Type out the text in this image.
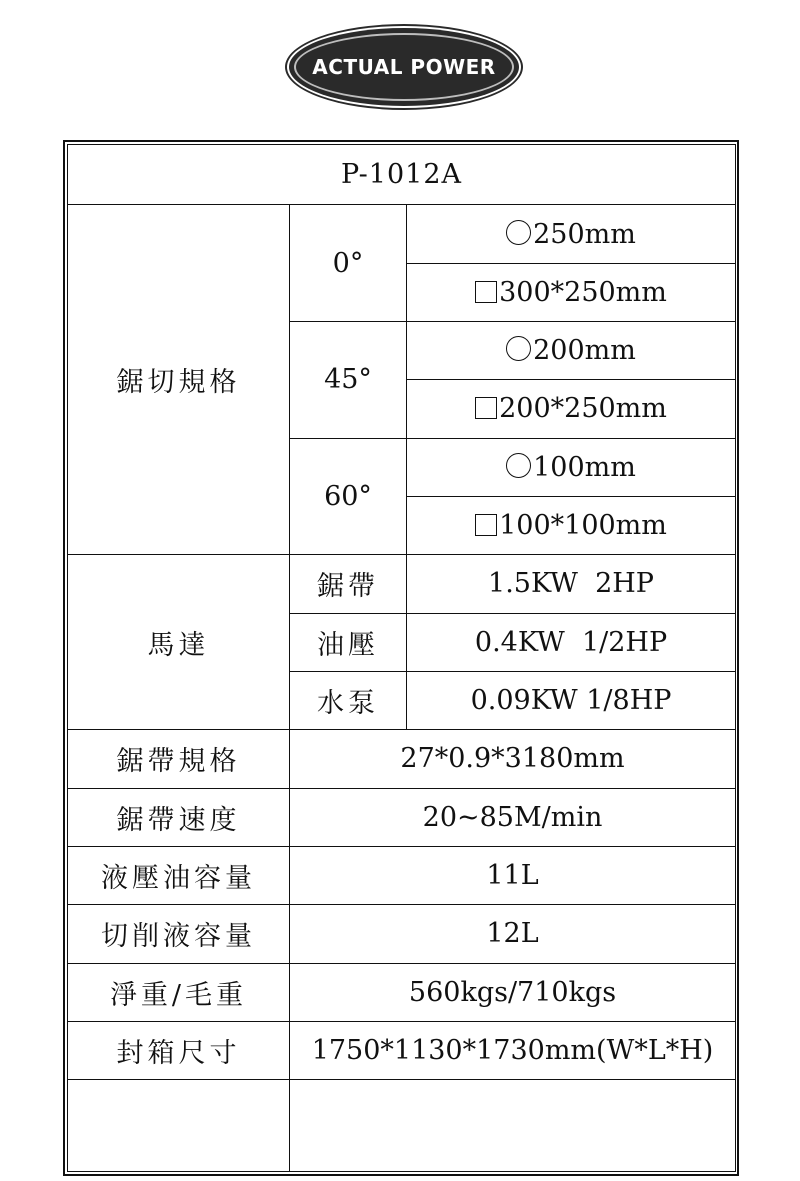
ACTUAL POWER
P-1012A		
鋸切規格	0°	250mm
		300*250mm
	45°	200mm
		200*250mm
	60°	100mm
		100*100mm
馬達	鋸帶	1.5KW  2HP
	油壓	0.4KW  1/2HP
	水泵	0.09KW 1/8HP
鋸帶規格	27*0.9*3180mm	
鋸帶速度	20~85M/min	
液壓油容量	11L	
切削液容量	12L	
淨重/毛重	560kgs/710kgs	
封箱尺寸	1750*1130*1730mm(W*L*H)	
